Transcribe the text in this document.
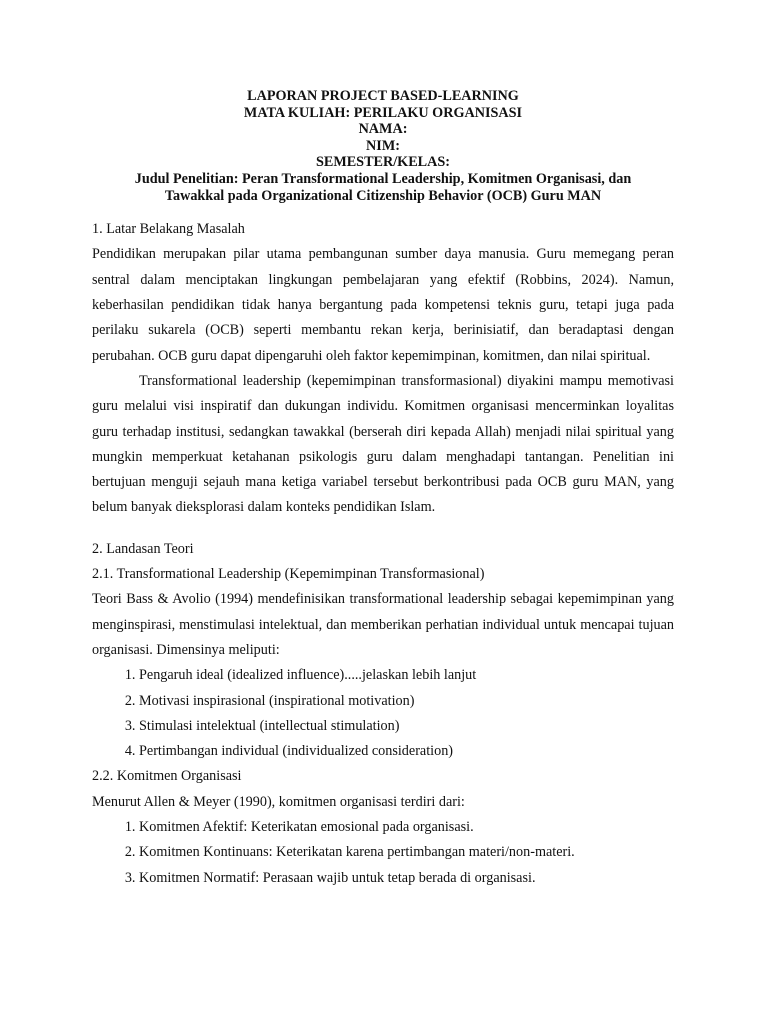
LAPORAN PROJECT BASED-LEARNING
MATA KULIAH: PERILAKU ORGANISASI
NAMA:
NIM:
SEMESTER/KELAS:
Judul Penelitian: Peran Transformational Leadership, Komitmen Organisasi, dan
Tawakkal pada Organizational Citizenship Behavior (OCB) Guru MAN
1. Latar Belakang Masalah

Pendidikan merupakan pilar utama pembangunan sumber daya manusia. Guru memegang peran sentral dalam menciptakan lingkungan pembelajaran yang efektif (Robbins, 2024). Namun, keberhasilan pendidikan tidak hanya bergantung pada kompetensi teknis guru, tetapi juga pada perilaku sukarela (OCB) seperti membantu rekan kerja, berinisiatif, dan beradaptasi dengan perubahan. OCB guru dapat dipengaruhi oleh faktor kepemimpinan, komitmen, dan nilai spiritual.

Transformational leadership (kepemimpinan transformasional) diyakini mampu memotivasi guru melalui visi inspiratif dan dukungan individu. Komitmen organisasi mencerminkan loyalitas guru terhadap institusi, sedangkan tawakkal (berserah diri kepada Allah) menjadi nilai spiritual yang mungkin memperkuat ketahanan psikologis guru dalam menghadapi tantangan. Penelitian ini bertujuan menguji sejauh mana ketiga variabel tersebut berkontribusi pada OCB guru MAN, yang belum banyak dieksplorasi dalam konteks pendidikan Islam.

2. Landasan Teori
2.1. Transformational Leadership (Kepemimpinan Transformasional)

Teori Bass & Avolio (1994) mendefinisikan transformational leadership sebagai kepemimpinan yang menginspirasi, menstimulasi intelektual, dan memberikan perhatian individual untuk mencapai tujuan organisasi. Dimensinya meliputi:

1. Pengaruh ideal (idealized influence).....jelaskan lebih lanjut
2. Motivasi inspirasional (inspirational motivation)
3. Stimulasi intelektual (intellectual stimulation)
4. Pertimbangan individual (individualized consideration)
2.2. Komitmen Organisasi

Menurut Allen & Meyer (1990), komitmen organisasi terdiri dari:

1. Komitmen Afektif: Keterikatan emosional pada organisasi.
2. Komitmen Kontinuans: Keterikatan karena pertimbangan materi/non-materi.
3. Komitmen Normatif: Perasaan wajib untuk tetap berada di organisasi.
